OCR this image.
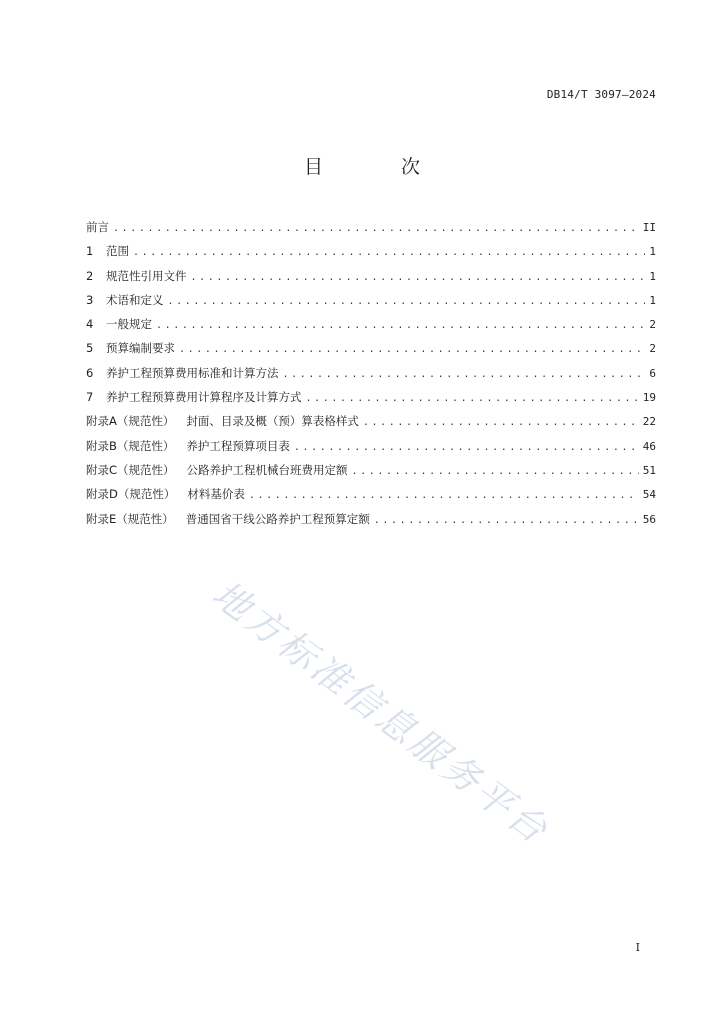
DB14/T 3097—2024
目 次
前言 .....	II
1	范围 .....	1
2	规范性引用文件 .....	1
3	术语和定义 .....	1
4	一般规定 .....	2
5	预算编制要求 .....	2
6	养护工程预算费用标准和计算方法 .....	6
7	养护工程预算费用计算程序及计算方式 .....	19
附录A（规范性） 封面、目录及概（预）算表格样式 .....	22
附录B（规范性） 养护工程预算项目表 .....	46
附录C（规范性） 公路养护工程机械台班费用定额 .....	51
附录D（规范性） 材料基价表 .....	54
附录E（规范性） 普通国省干线公路养护工程预算定额 .....	56
地方标准信息服务平台
I
